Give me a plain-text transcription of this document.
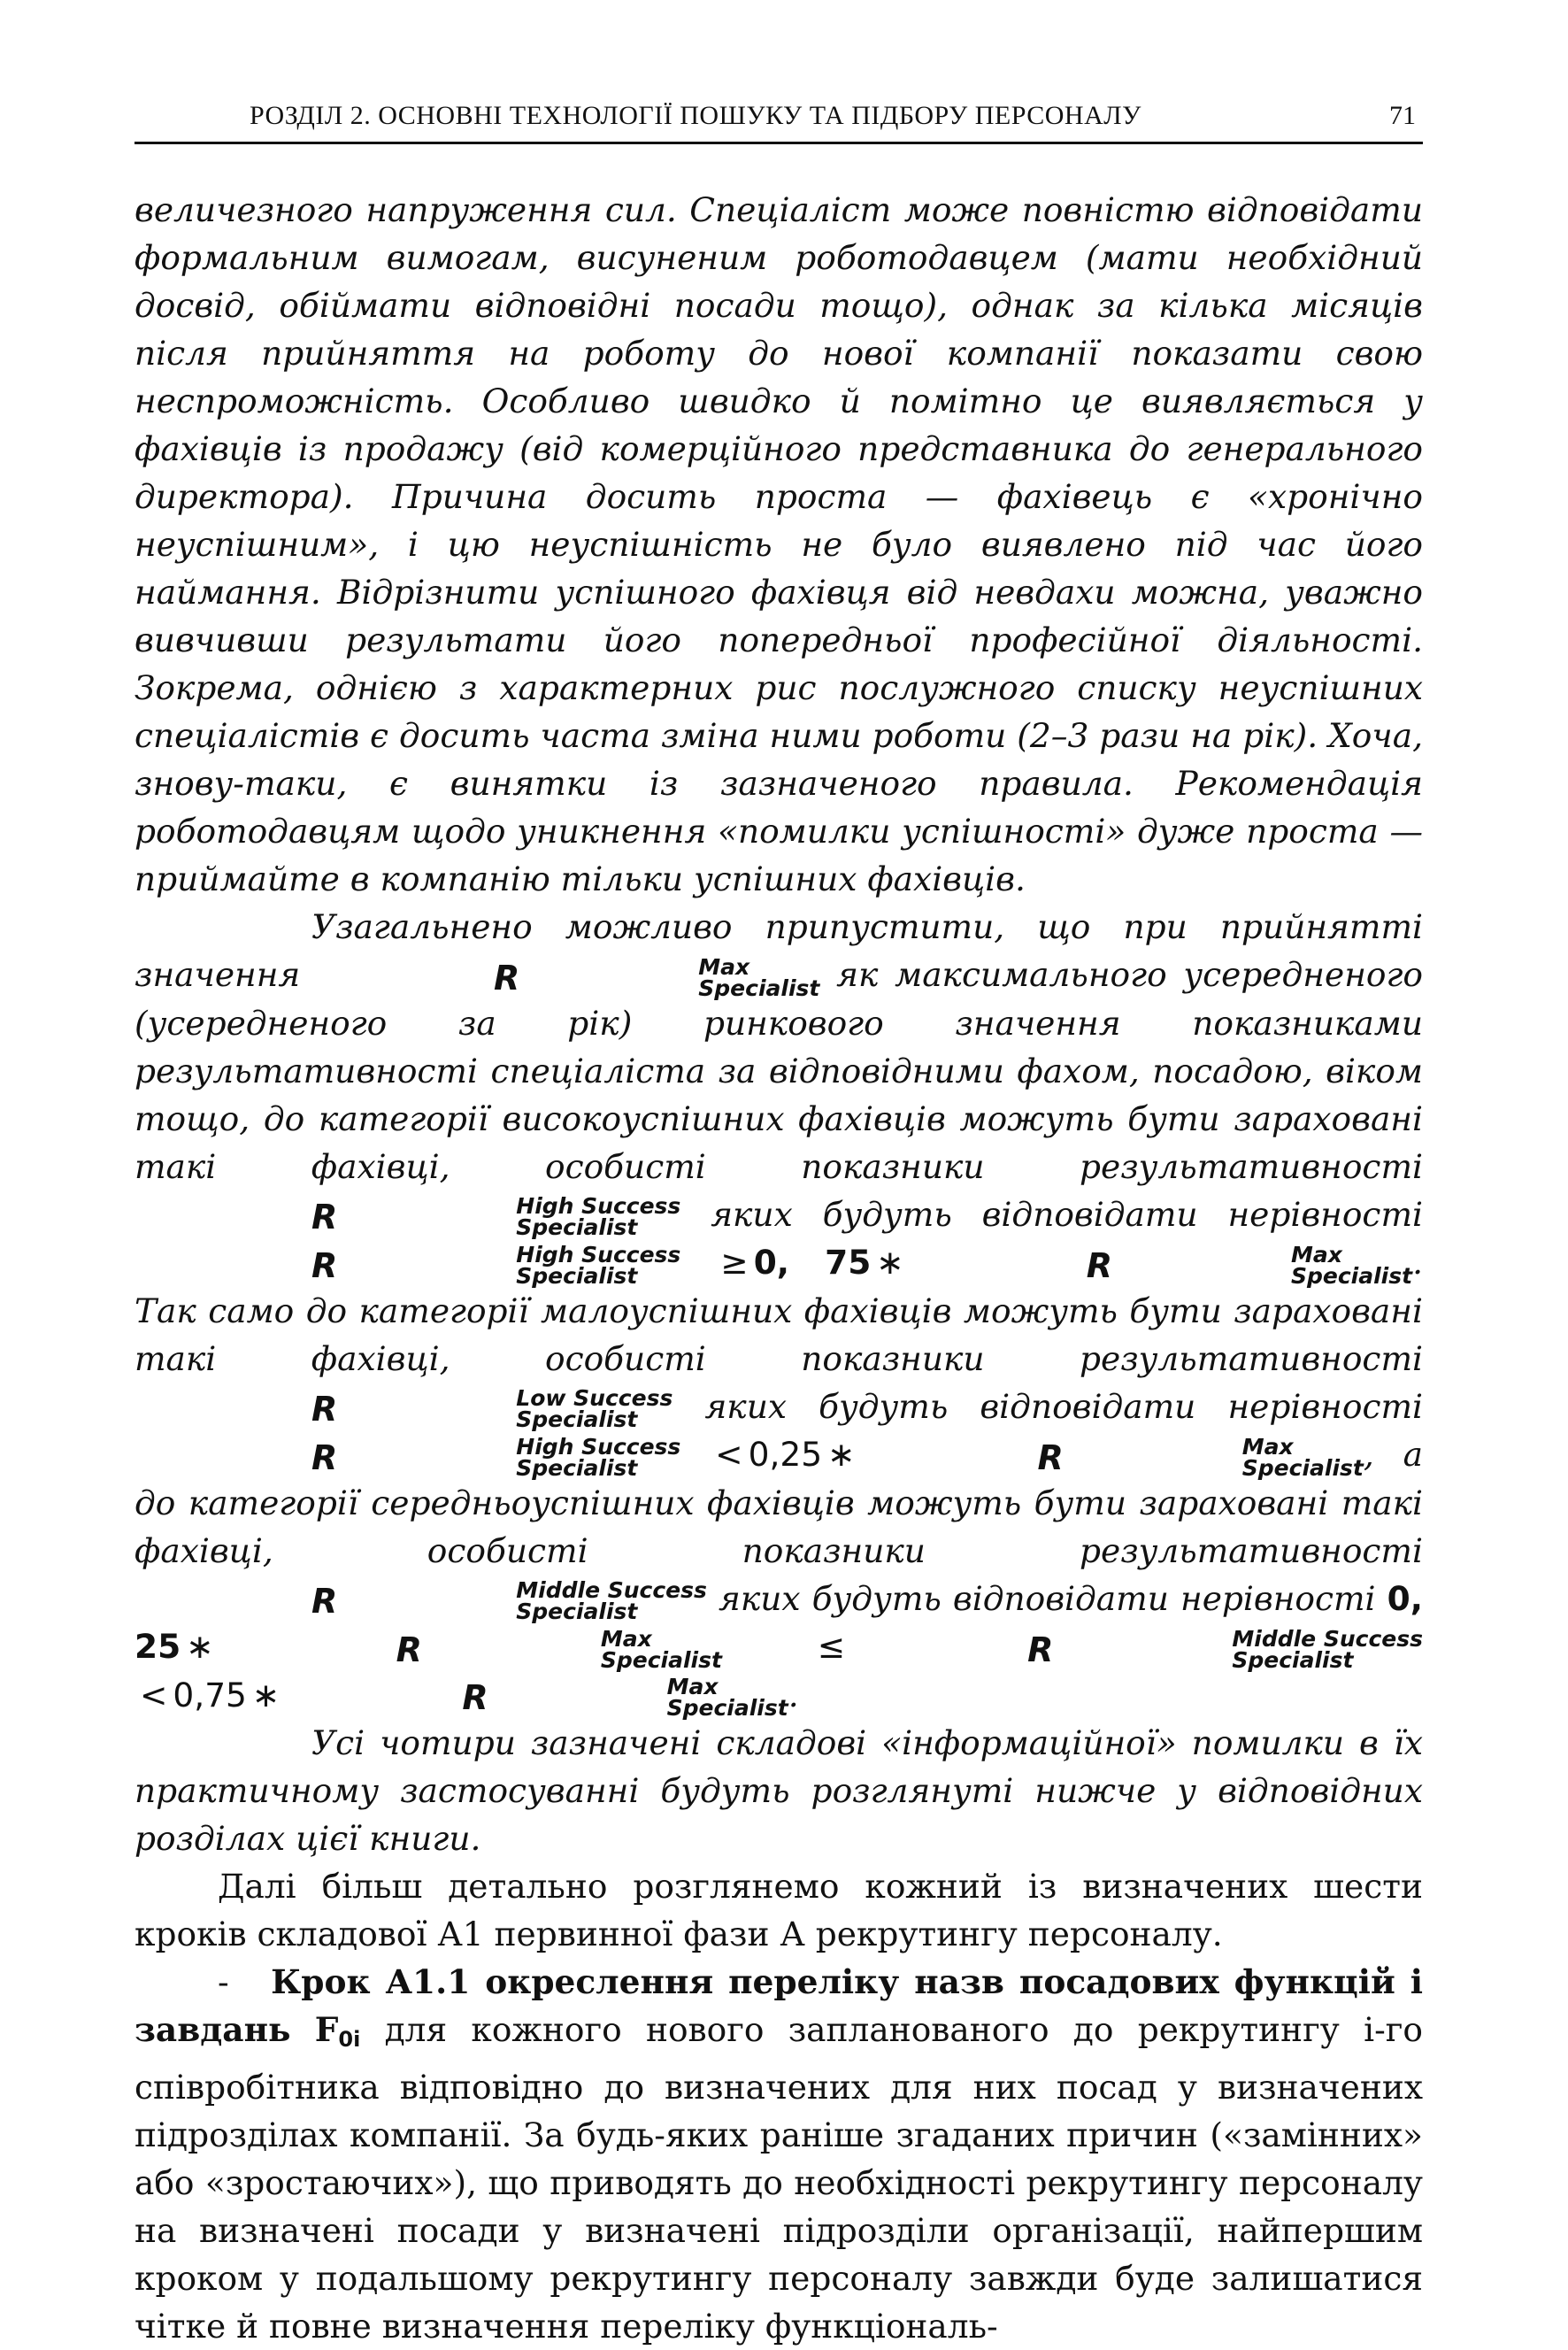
РОЗДІЛ 2. ОСНОВНІ ТЕХНОЛОГІЇ ПОШУКУ ТА ПІДБОРУ ПЕРСОНАЛУ	71

величезного напруження сил. Спеціаліст може повністю відповідати формальним вимогам, висуненим роботодавцем (мати необхідний досвід, обіймати відповідні посади тощо), однак за кілька місяців після прийняття на роботу до нової компанії показати свою неспроможність. Особливо швидко й помітно це виявляється у фахівців із продажу (від комерційного представника до генерального директора). Причина досить проста — фахівець є «хронічно неуспішним», і цю неуспішність не було виявлено під час його наймання. Відрізнити успішного фахівця від невдахи можна, уважно вивчивши результати його попередньої професійної діяльності. Зокрема, однією з характерних рис послужного списку неуспішних спеціалістів є досить часта зміна ними роботи (2–3 рази на рік). Хоча, знову-таки, є винятки із зазначеного правила. Рекомендація роботодавцям щодо уникнення «помилки успішності» дуже проста — приймайте в компанію тільки успішних фахівців.

Узагальнено можливо припустити, що при прийнятті значення	R	Max
Specialist як максимального усередненого (усередненого за рік) ринкового значення показниками результативності спеціаліста за відповідними фахом, посадою, віком тощо, до категорії високоуспішних фахівців можуть бути зараховані такі фахівці, особисті показники результативності R	High Success
Specialist	яких будуть відповідати нерівності R	High Success
Specialist	≥ 0, 75 ∗	R	Max
Specialist . Так само до категорії малоуспішних фахівців можуть бути зараховані такі фахівці, особисті показники результативності R	Low Success
Specialist	яких будуть відповідати нерівності R	High Success
Specialist	< 0,25 ∗	R	Max
Specialist , а до категорії середньоуспішних фахівців можуть бути зараховані такі фахівці, особисті показники результативності R	Middle Success
Specialist	яких будуть відповідати нерівності 0, 25 ∗	R	Max
Specialist	≤	R	Middle Success
Specialist
< 0,75 ∗	R	Max
Specialist .

Усі чотири зазначені складові «інформаційної» помилки в їх практичному застосуванні будуть розглянуті нижче у відповідних розділах цієї книги.

Далі більш детально розглянемо кожний із визначених шести кроків складової А1 первинної фази А рекрутингу персоналу.

- Крок А1.1 окреслення переліку назв посадових функцій і завдань F0i для кожного нового запланованого до рекрутингу i-го співробітника відповідно до визначених для них посад у визначених підрозділах компанії. За будь-яких раніше згаданих причин («замінних» або «зростаючих»), що приводять до необхідності рекрутингу персоналу на визначені посади у визначені підрозділи організації, найпершим кроком у подальшому рекрутингу персоналу завжди буде залишатися чітке й повне визначення переліку функціональ-
